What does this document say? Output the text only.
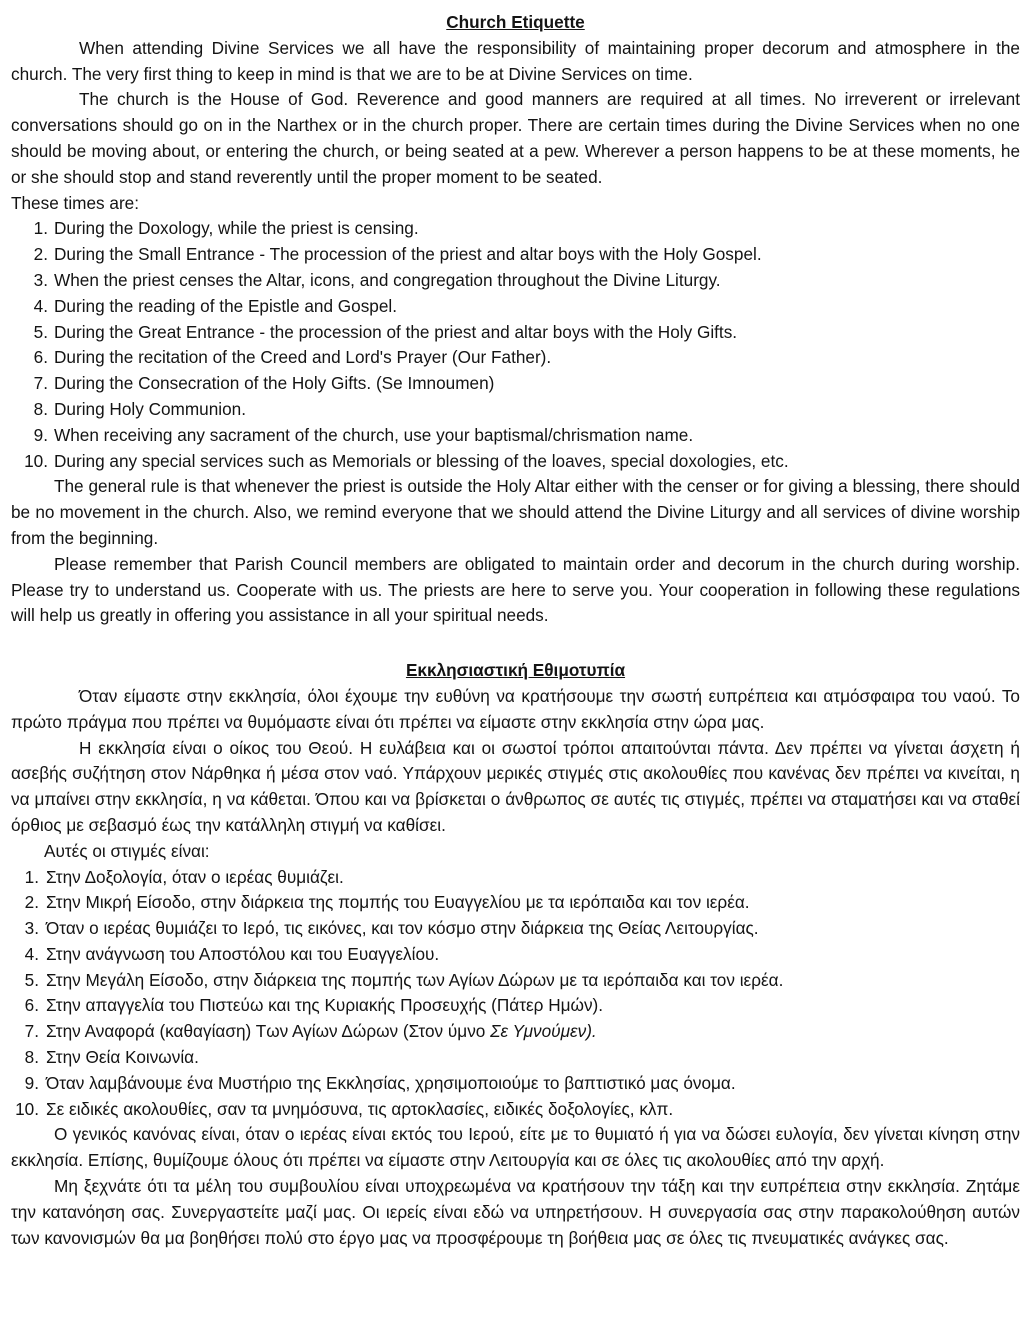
Church Etiquette

When attending Divine Services we all have the responsibility of maintaining proper decorum and atmosphere in the church. The very first thing to keep in mind is that we are to be at Divine Services on time.

The church is the House of God. Reverence and good manners are required at all times. No irreverent or irrelevant conversations should go on in the Narthex or in the church proper. There are certain times during the Divine Services when no one should be moving about, or entering the church, or being seated at a pew. Wherever a person happens to be at these moments, he or she should stop and stand reverently until the proper moment to be seated.

These times are:

1. During the Doxology, while the priest is censing.
2. During the Small Entrance - The procession of the priest and altar boys with the Holy Gospel.
3. When the priest censes the Altar, icons, and congregation throughout the Divine Liturgy.
4. During the reading of the Epistle and Gospel.
5. During the Great Entrance - the procession of the priest and altar boys with the Holy Gifts.
6. During the recitation of the Creed and Lord's Prayer (Our Father).
7. During the Consecration of the Holy Gifts. (Se Imnoumen)
8. During Holy Communion.
9. When receiving any sacrament of the church, use your baptismal/chrismation name.
10. During any special services such as Memorials or blessing of the loaves, special doxologies, etc.

The general rule is that whenever the priest is outside the Holy Altar either with the censer or for giving a blessing, there should be no movement in the church. Also, we remind everyone that we should attend the Divine Liturgy and all services of divine worship from the beginning.

Please remember that Parish Council members are obligated to maintain order and decorum in the church during worship. Please try to understand us. Cooperate with us. The priests are here to serve you. Your cooperation in following these regulations will help us greatly in offering you assistance in all your spiritual needs.

Εκκλησιαστική Εθιμοτυπία

Όταν είμαστε στην εκκλησία, όλοι έχουμε την ευθύνη να κρατήσουμε την σωστή ευπρέπεια και ατμόσφαιρα του ναού. Το πρώτο πράγμα που πρέπει να θυμόμαστε είναι ότι πρέπει να είμαστε στην εκκλησία στην ώρα μας.

Η εκκλησία είναι ο οίκος του Θεού. Η ευλάβεια και οι σωστοί τρόποι απαιτούνται πάντα. Δεν πρέπει να γίνεται άσχετη ή ασεβής συζήτηση στον Νάρθηκα ή μέσα στον ναό. Υπάρχουν μερικές στιγμές στις ακολουθίες που κανένας δεν πρέπει να κινείται, η να μπαίνει στην εκκλησία, η να κάθεται. Όπου και να βρίσκεται ο άνθρωπος σε αυτές τις στιγμές, πρέπει να σταματήσει και να σταθεί όρθιος με σεβασμό έως την κατάλληλη στιγμή να καθίσει.

Αυτές οι στιγμές είναι:

1. Στην Δοξολογία, όταν ο ιερέας θυμιάζει.
2. Στην Μικρή Είσοδο, στην διάρκεια της πομπής του Ευαγγελίου με τα ιερόπαιδα και τον ιερέα.
3. Όταν ο ιερέας θυμιάζει το Ιερό, τις εικόνες, και τον κόσμο στην διάρκεια της Θείας Λειτουργίας.
4. Στην ανάγνωση του Αποστόλου και του Ευαγγελίου.
5. Στην Μεγάλη Είσοδο, στην διάρκεια της πομπής των Αγίων Δώρων με τα ιερόπαιδα και τον ιερέα.
6. Στην απαγγελία του Πιστεύω και της Κυριακής Προσευχής (Πάτερ Ημών).
7. Στην Αναφορά (καθαγίαση) Των Αγίων Δώρων (Στον ύμνο Σε Υμνούμεν).
8. Στην Θεία Κοινωνία.
9. Όταν λαμβάνουμε ένα Μυστήριο της Εκκλησίας, χρησιμοποιούμε το βαπτιστικό μας όνομα.
10. Σε ειδικές ακολουθίες, σαν τα μνημόσυνα, τις αρτοκλασίες, ειδικές δοξολογίες, κλπ.

Ο γενικός κανόνας είναι, όταν ο ιερέας είναι εκτός του Ιερού, είτε με το θυμιατό ή για να δώσει ευλογία, δεν γίνεται κίνηση στην εκκλησία. Επίσης, θυμίζουμε όλους ότι πρέπει να είμαστε στην Λειτουργία και σε όλες τις ακολουθίες από την αρχή.

Μη ξεχνάτε ότι τα μέλη του συμβουλίου είναι υποχρεωμένα να κρατήσουν την τάξη και την ευπρέπεια στην εκκλησία. Ζητάμε την κατανόηση σας. Συνεργαστείτε μαζί μας. Οι ιερείς είναι εδώ να υπηρετήσουν. Η συνεργασία σας στην παρακολούθηση αυτών των κανονισμών θα μα βοηθήσει πολύ στο έργο μας να προσφέρουμε τη βοήθεια μας σε όλες τις πνευματικές ανάγκες σας.
